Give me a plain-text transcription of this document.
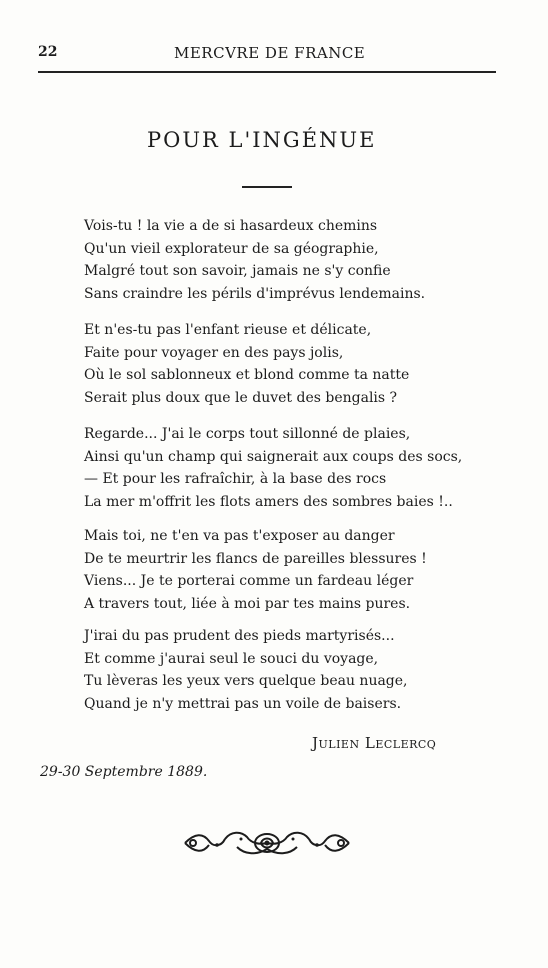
22	MERCVRE DE FRANCE
POUR L'INGÉNUE
Vois-tu ! la vie a de si hasardeux chemins
Qu'un vieil explorateur de sa géographie,
Malgré tout son savoir, jamais ne s'y confie
Sans craindre les périls d'imprévus lendemains.
Et n'es-tu pas l'enfant rieuse et délicate,
Faite pour voyager en des pays jolis,
Où le sol sablonneux et blond comme ta natte
Serait plus doux que le duvet des bengalis ?
Regarde... J'ai le corps tout sillonné de plaies,
Ainsi qu'un champ qui saignerait aux coups des socs,
— Et pour les rafraîchir, à la base des rocs
La mer m'offrit les flots amers des sombres baies !..
Mais toi, ne t'en va pas t'exposer au danger
De te meurtrir les flancs de pareilles blessures !
Viens... Je te porterai comme un fardeau léger
A travers tout, liée à moi par tes mains pures.
J'irai du pas prudent des pieds martyrisés...
Et comme j'aurai seul le souci du voyage,
Tu lèveras les yeux vers quelque beau nuage,
Quand je n'y mettrai pas un voile de baisers.
Julien Leclercq
29-30 Septembre 1889.
